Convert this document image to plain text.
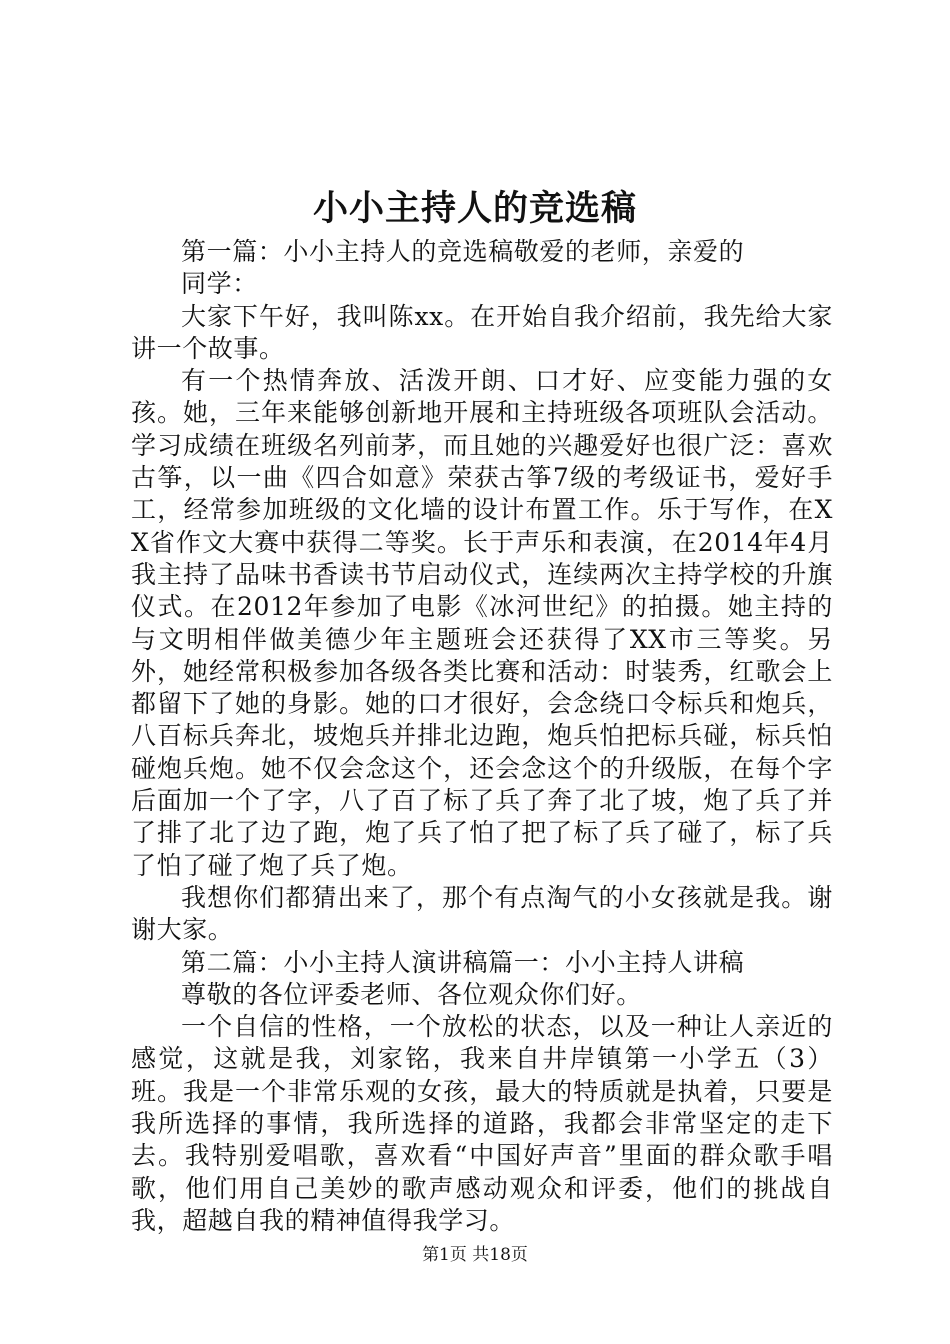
小小主持人的竞选稿

第一篇：小小主持人的竞选稿敬爱的老师，亲爱的

同学：

大家下午好，我叫陈xx。在开始自我介绍前，我先给大家讲一个故事。

有一个热情奔放、活泼开朗、口才好、应变能力强的女孩。她，三年来能够创新地开展和主持班级各项班队会活动。学习成绩在班级名列前茅，而且她的兴趣爱好也很广泛：喜欢古筝，以一曲《四合如意》荣获古筝7级的考级证书，爱好手工，经常参加班级的文化墙的设计布置工作。乐于写作，在XX省作文大赛中获得二等奖。长于声乐和表演，在2014年4月我主持了品味书香读书节启动仪式，连续两次主持学校的升旗仪式。在2012年参加了电影《冰河世纪》的拍摄。她主持的与文明相伴做美德少年主题班会还获得了XX市三等奖。另外，她经常积极参加各级各类比赛和活动：时装秀，红歌会上都留下了她的身影。她的口才很好，会念绕口令标兵和炮兵，八百标兵奔北，坡炮兵并排北边跑，炮兵怕把标兵碰，标兵怕碰炮兵炮。她不仅会念这个，还会念这个的升级版，在每个字后面加一个了字，八了百了标了兵了奔了北了坡，炮了兵了并了排了北了边了跑，炮了兵了怕了把了标了兵了碰了，标了兵了怕了碰了炮了兵了炮。

我想你们都猜出来了，那个有点淘气的小女孩就是我。谢谢大家。

第二篇：小小主持人演讲稿篇一：小小主持人讲稿

尊敬的各位评委老师、各位观众你们好。

一个自信的性格，一个放松的状态，以及一种让人亲近的感觉，这就是我，刘家铭，我来自井岸镇第一小学五（3）班。我是一个非常乐观的女孩，最大的特质就是执着，只要是我所选择的事情，我所选择的道路，我都会非常坚定的走下去。我特别爱唱歌，喜欢看“中国好声音”里面的群众歌手唱歌，他们用自己美妙的歌声感动观众和评委，他们的挑战自我，超越自我的精神值得我学习。

第1页 共18页
